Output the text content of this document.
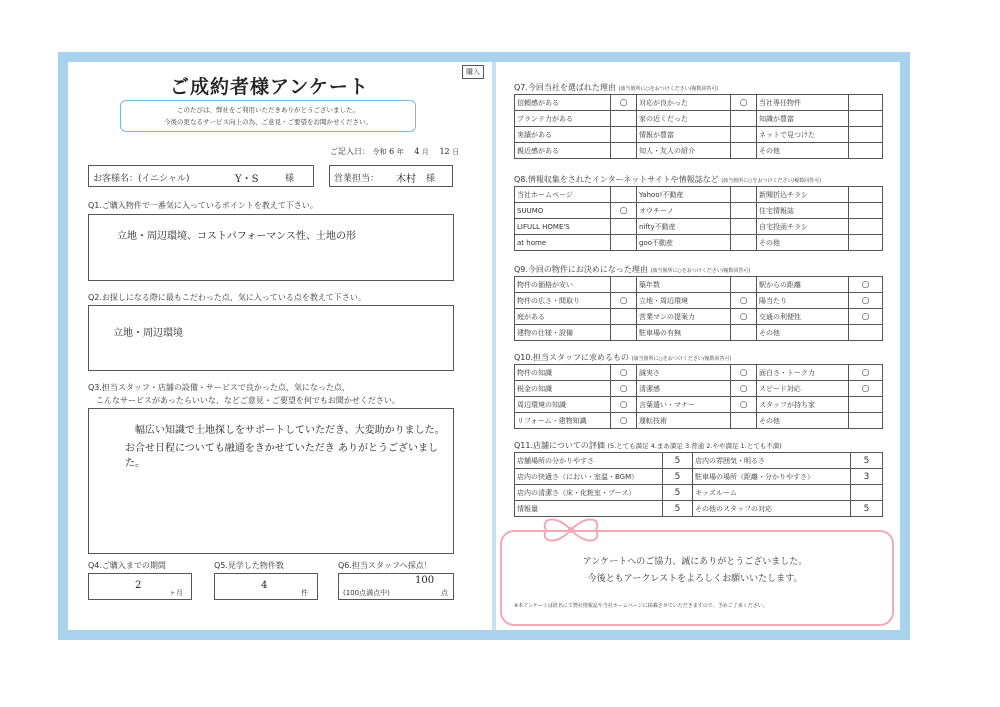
ご成約者様アンケート
購入
このたびは、弊社をご利用いただきありがとうございました。
今後の更なるサービス向上の為、ご意見・ご要望をお聞かせください。
ご記入日： 令和 6 年 4 月 12 日
お客様名：(イニシャル)	Y・S	様	営業担当： 木村 様
Q1.ご購入物件で一番気に入っているポイントを教えて下さい。
立地・周辺環境、コストパフォーマンス性、土地の形
Q2.お探しになる際に最もこだわった点、気に入っている点を教えて下さい。
立地・周辺環境
Q3.担当スタッフ・店舗の設備・サービスで良かった点、気になった点、
こんなサービスがあったらいいな、などご意見・ご要望を何でもお聞かせください。
幅広い知識で土地探しをサポートしていただき、大変助かりました。
お合せ日程についても融通をきかせていただき ありがとうございました。
Q4.ご購入までの期間
2
ヶ月
Q5.見学した物件数
4
件
Q6.担当スタッフへ採点！
(100点満点中)
100
点
Q7.今回当社を選ばれた理由 (該当箇所に○をおつけください/複数回答可)
信頼感がある	○	対応が良かった	○	当社専任物件	
ブランド力がある		家の近くだった		知識が豊富	
実績がある		情報が豊富		ネットで見つけた	
親近感がある		知人・友人の紹介		その他	
Q8.情報収集をされたインターネットサイトや情報誌など (該当箇所に○をおつけください/複数回答可)
当社ホームページ		Yahoo!不動産		新聞折込チラシ	
SUUMO	○	オウチーノ		住宅情報誌	
LIFULL HOME'S		nifty不動産		自宅投函チラシ	
at home		goo不動産		その他	
Q9.今回の物件にお決めになった理由 (該当箇所に○をおつけください/複数回答可)
物件の価格が安い		築年数		駅からの距離	○
物件の広さ・間取り	○	立地・周辺環境	○	陽当たり	○
庭がある		営業マンの提案力	○	交通の利便性	○
建物の仕様・設備		駐車場の有無		その他	
Q10.担当スタッフに求めるもの (該当箇所に○をおつけください/複数回答可)
物件の知識	○	誠実さ	○	面白さ・トーク力	○
税金の知識	○	清潔感	○	スピード対応	○
周辺環境の知識	○	言葉遣い・マナー	○	スタッフが持ち家	
リフォーム・建物知識	○	運転技術		その他	
Q11.店舗についての評価 (5.とても満足 4.まあ満足 3.普通 2.やや満足 1.とても不満)
店舗場所の分かりやすさ	5	店内の雰囲気・明るさ	5
店内の快適さ（におい・室温・BGM）	5	駐車場の場所（距離・分かりやすさ）	3
店内の清潔さ（床・化粧室・ブース）	5	キッズルーム	
情報量	5	その他のスタッフの対応	5
アンケートへのご協力、誠にありがとうございました。
今後ともアークレストをよろしくお願いいたします。
※本アンケートは匿名にて弊社情報誌や当社ホームページに掲載させていただきますので、予めご了承ください。
